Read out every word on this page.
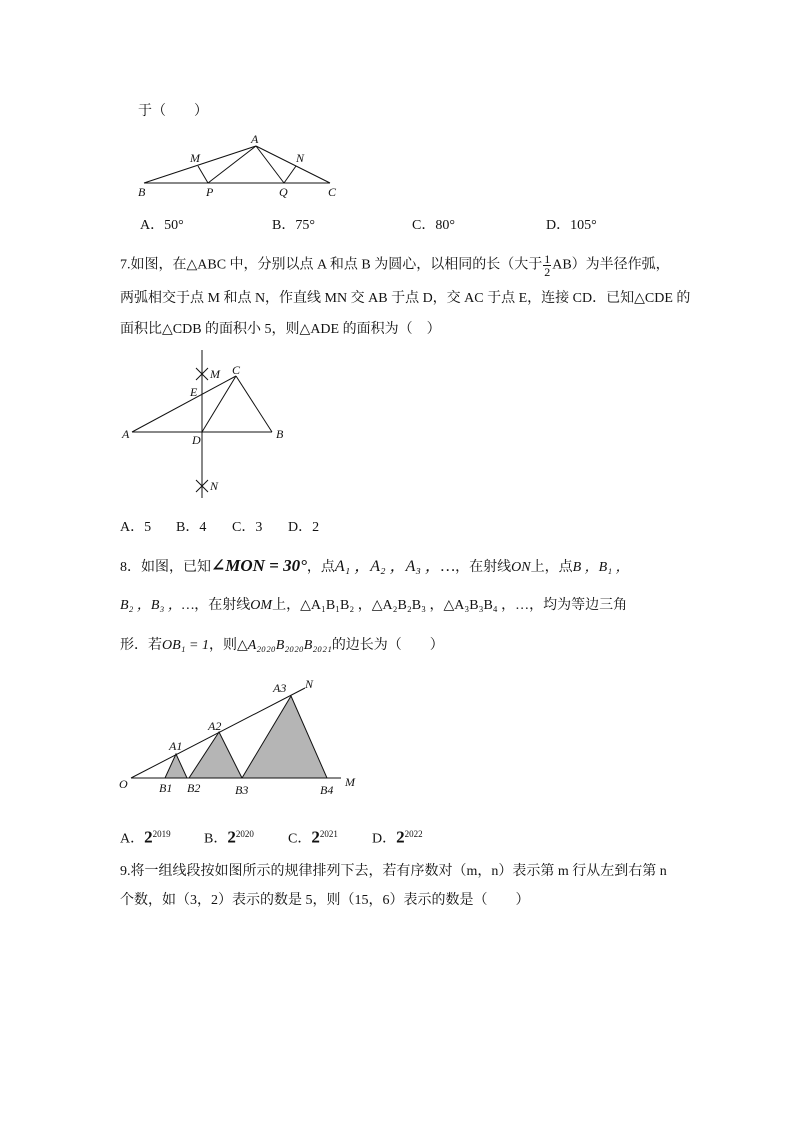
于（　　）
A
M	N
B	P	Q	C
A．50°	B．75°	C．80°	D．105°
7.如图，在△ABC 中，分别以点 A 和点 B 为圆心，以相同的长（大于 $\frac{1}{2} AB$）为半径作弧，
两弧相交于点 M 和点 N，作直线 MN 交 AB 于点 D，交 AC 于点 E，连接 CD．已知△CDE 的
面积比△CDB 的面积小 5，则△ADE 的面积为（　）
M C
E
A	D	B
N
A．5 B．4 C．3 D．2
8．如图，已知∠MON = 30°，点A₁ ，A₂ ，A₃ ，…，在射线ON上，点B ，B₁ ，
B₂ ，B₃ ，…，在射线OM上，△A₁B₁B₂ ，△A₂B₂B₃ ，△A₃B₃B₄ ，…，均为等边三角
形．若OB₁ = 1，则△A₂₀₂₀B₂₀₂₀B₂₀₂₁的边长为（　　）
O
A1
A2
A3 N
M
B1 B2	B3	B4
A．$2^{2019}$ B．$2^{2020}$ C．$2^{2021}$ D．$2^{2022}$
9.将一组线段按如图所示的规律排列下去，若有序数对（m，n）表示第 m 行从左到右第 n
个数，如（3，2）表示的数是 5，则（15，6）表示的数是（　　）
